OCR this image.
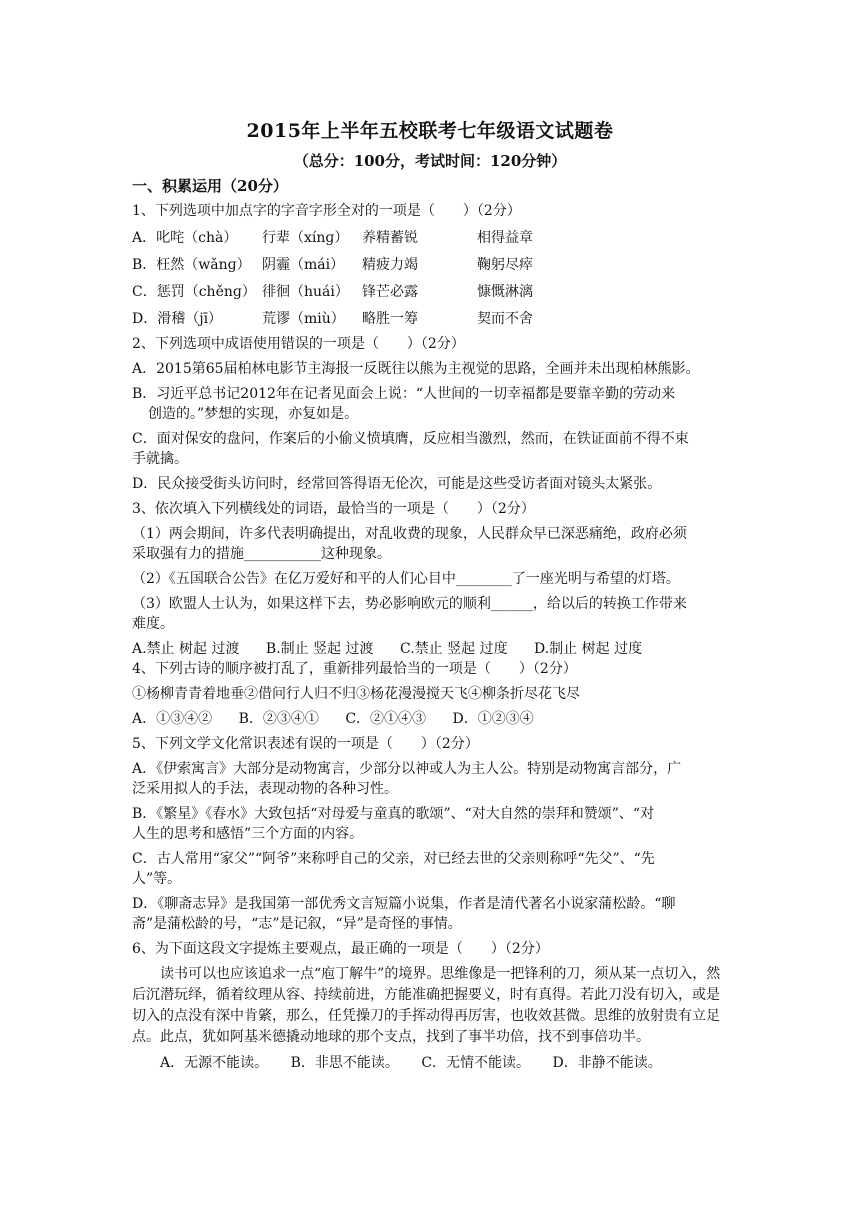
2015年上半年五校联考七年级语文试题卷
（总分：100分，考试时间：120分钟）

一、积累运用（20分）

1、下列选项中加点字的字音字形全对的一项是（　　）（2分）

A．叱咤（chà）	行辈（xínɡ） 养精蓄锐	相得益章
B．枉然（wǎnɡ） 阴霾（mái）	精疲力竭	鞠躬尽瘁
C．惩罚（chěnɡ） 徘徊（huái） 锋芒必露	慷慨淋漓
D．滑稽（jī）	荒谬（miù）	略胜一筹	契而不舍

2、下列选项中成语使用错误的一项是（　　）（2分）

A．2015第65届柏林电影节主海报一反既往以熊为主视觉的思路，全画并未出现柏林熊影。

B．习近平总书记2012年在记者见面会上说：“人世间的一切幸福都是要靠辛勤的劳动来

创造的。”梦想的实现，亦复如是。

C．面对保安的盘问，作案后的小偷义愤填膺，反应相当激烈，然而，在铁证面前不得不束

手就擒。

D．民众接受街头访问时，经常回答得语无伦次，可能是这些受访者面对镜头太紧张。

3、依次填入下列横线处的词语，最恰当的一项是（　　）（2分）

（1）两会期间，许多代表明确提出，对乱收费的现象，人民群众早已深恶痛绝，政府必须

采取强有力的措施___________这种现象。

（2）《五国联合公告》在亿万爱好和平的人们心目中________了一座光明与希望的灯塔。

（3）欧盟人士认为，如果这样下去，势必影响欧元的顺利______，给以后的转换工作带来

难度。

A.禁止 树起 过渡 B.制止 竖起 过渡 C.禁止 竖起 过度 D.制止 树起 过度

4、下列古诗的顺序被打乱了，重新排列最恰当的一项是（　　）（2分）

①杨柳青青着地垂②借问行人归不归③杨花漫漫搅天飞④柳条折尽花飞尽

A．①③④② B．②③④① C．②①④③ D．①②③④

5、下列文学文化常识表述有误的一项是（　　）（2分）

A．《伊索寓言》大部分是动物寓言，少部分以神或人为主人公。特别是动物寓言部分，广

泛采用拟人的手法，表现动物的各种习性。

B．《繁星》《春水》大致包括“对母爱与童真的歌颂”、“对大自然的崇拜和赞颂”、“对

人生的思考和感悟”三个方面的内容。

C．古人常用“家父”“阿爷”来称呼自己的父亲，对已经去世的父亲则称呼“先父”、“先

人”等。

D．《聊斋志异》是我国第一部优秀文言短篇小说集，作者是清代著名小说家蒲松龄。“聊

斋”是蒲松龄的号，“志”是记叙，“异”是奇怪的事情。

6、为下面这段文字提炼主要观点，最正确的一项是（　　）（2分）

读书可以也应该追求一点“庖丁解牛”的境界。思维像是一把锋利的刀，须从某一点切入，然后沉潜玩绎，循着纹理从容、持续前进，方能准确把握要义，时有真得。若此刀没有切入，或是切入的点没有深中肯綮，那么，任凭操刀的手挥动得再厉害，也收效甚微。思维的放射贵有立足点。此点，犹如阿基米德撬动地球的那个支点，找到了事半功倍，找不到事倍功半。

A．无源不能读。 B．非思不能读。 C．无情不能读。 D．非静不能读。
